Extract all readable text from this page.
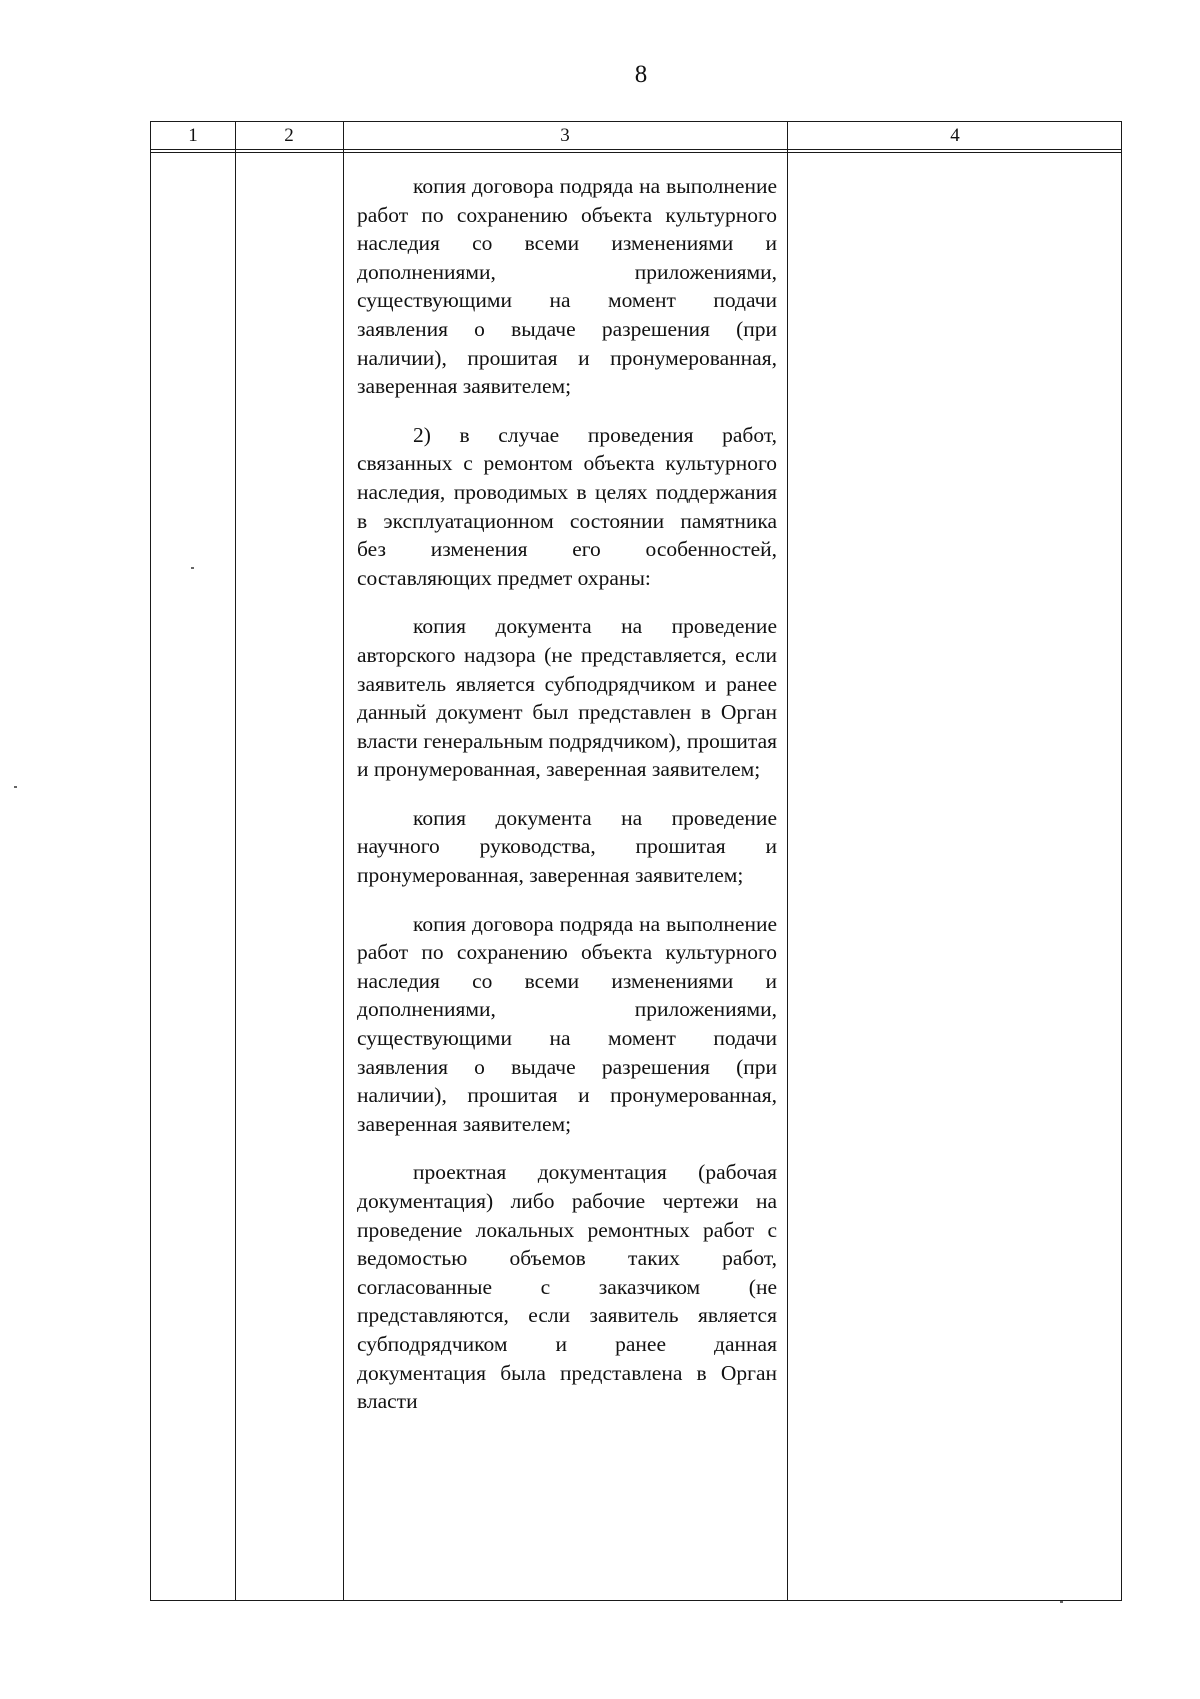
8
1	2	3	4

копия договора подряда на выполнение работ по сохранению объекта культурного наследия со всеми изменениями и дополнениями, приложениями, существующими на момент подачи заявления о выдаче разрешения (при наличии), прошитая и пронумерованная, заверенная заявителем;

2) в случае проведения работ, связанных с ремонтом объекта культурного наследия, проводимых в целях поддержания в эксплуатационном состоянии памятника без изменения его особенностей, составляющих предмет охраны:

копия документа на проведение авторского надзора (не представляется, если заявитель является субподрядчиком и ранее данный документ был представлен в Орган власти генеральным подрядчиком), прошитая и пронумерованная, заверенная заявителем;

копия документа на проведение научного руководства, прошитая и пронумерованная, заверенная заявителем;

копия договора подряда на выполнение работ по сохранению объекта культурного наследия со всеми изменениями и дополнениями, приложениями, существующими на момент подачи заявления о выдаче разрешения (при наличии), прошитая и пронумерованная, заверенная заявителем;

проектная документация (рабочая документация) либо рабочие чертежи на проведение локальных ремонтных работ с ведомостью объемов таких работ, согласованные с заказчиком (не представляются, если заявитель является субподрядчиком и ранее данная документация была представлена в Орган власти
